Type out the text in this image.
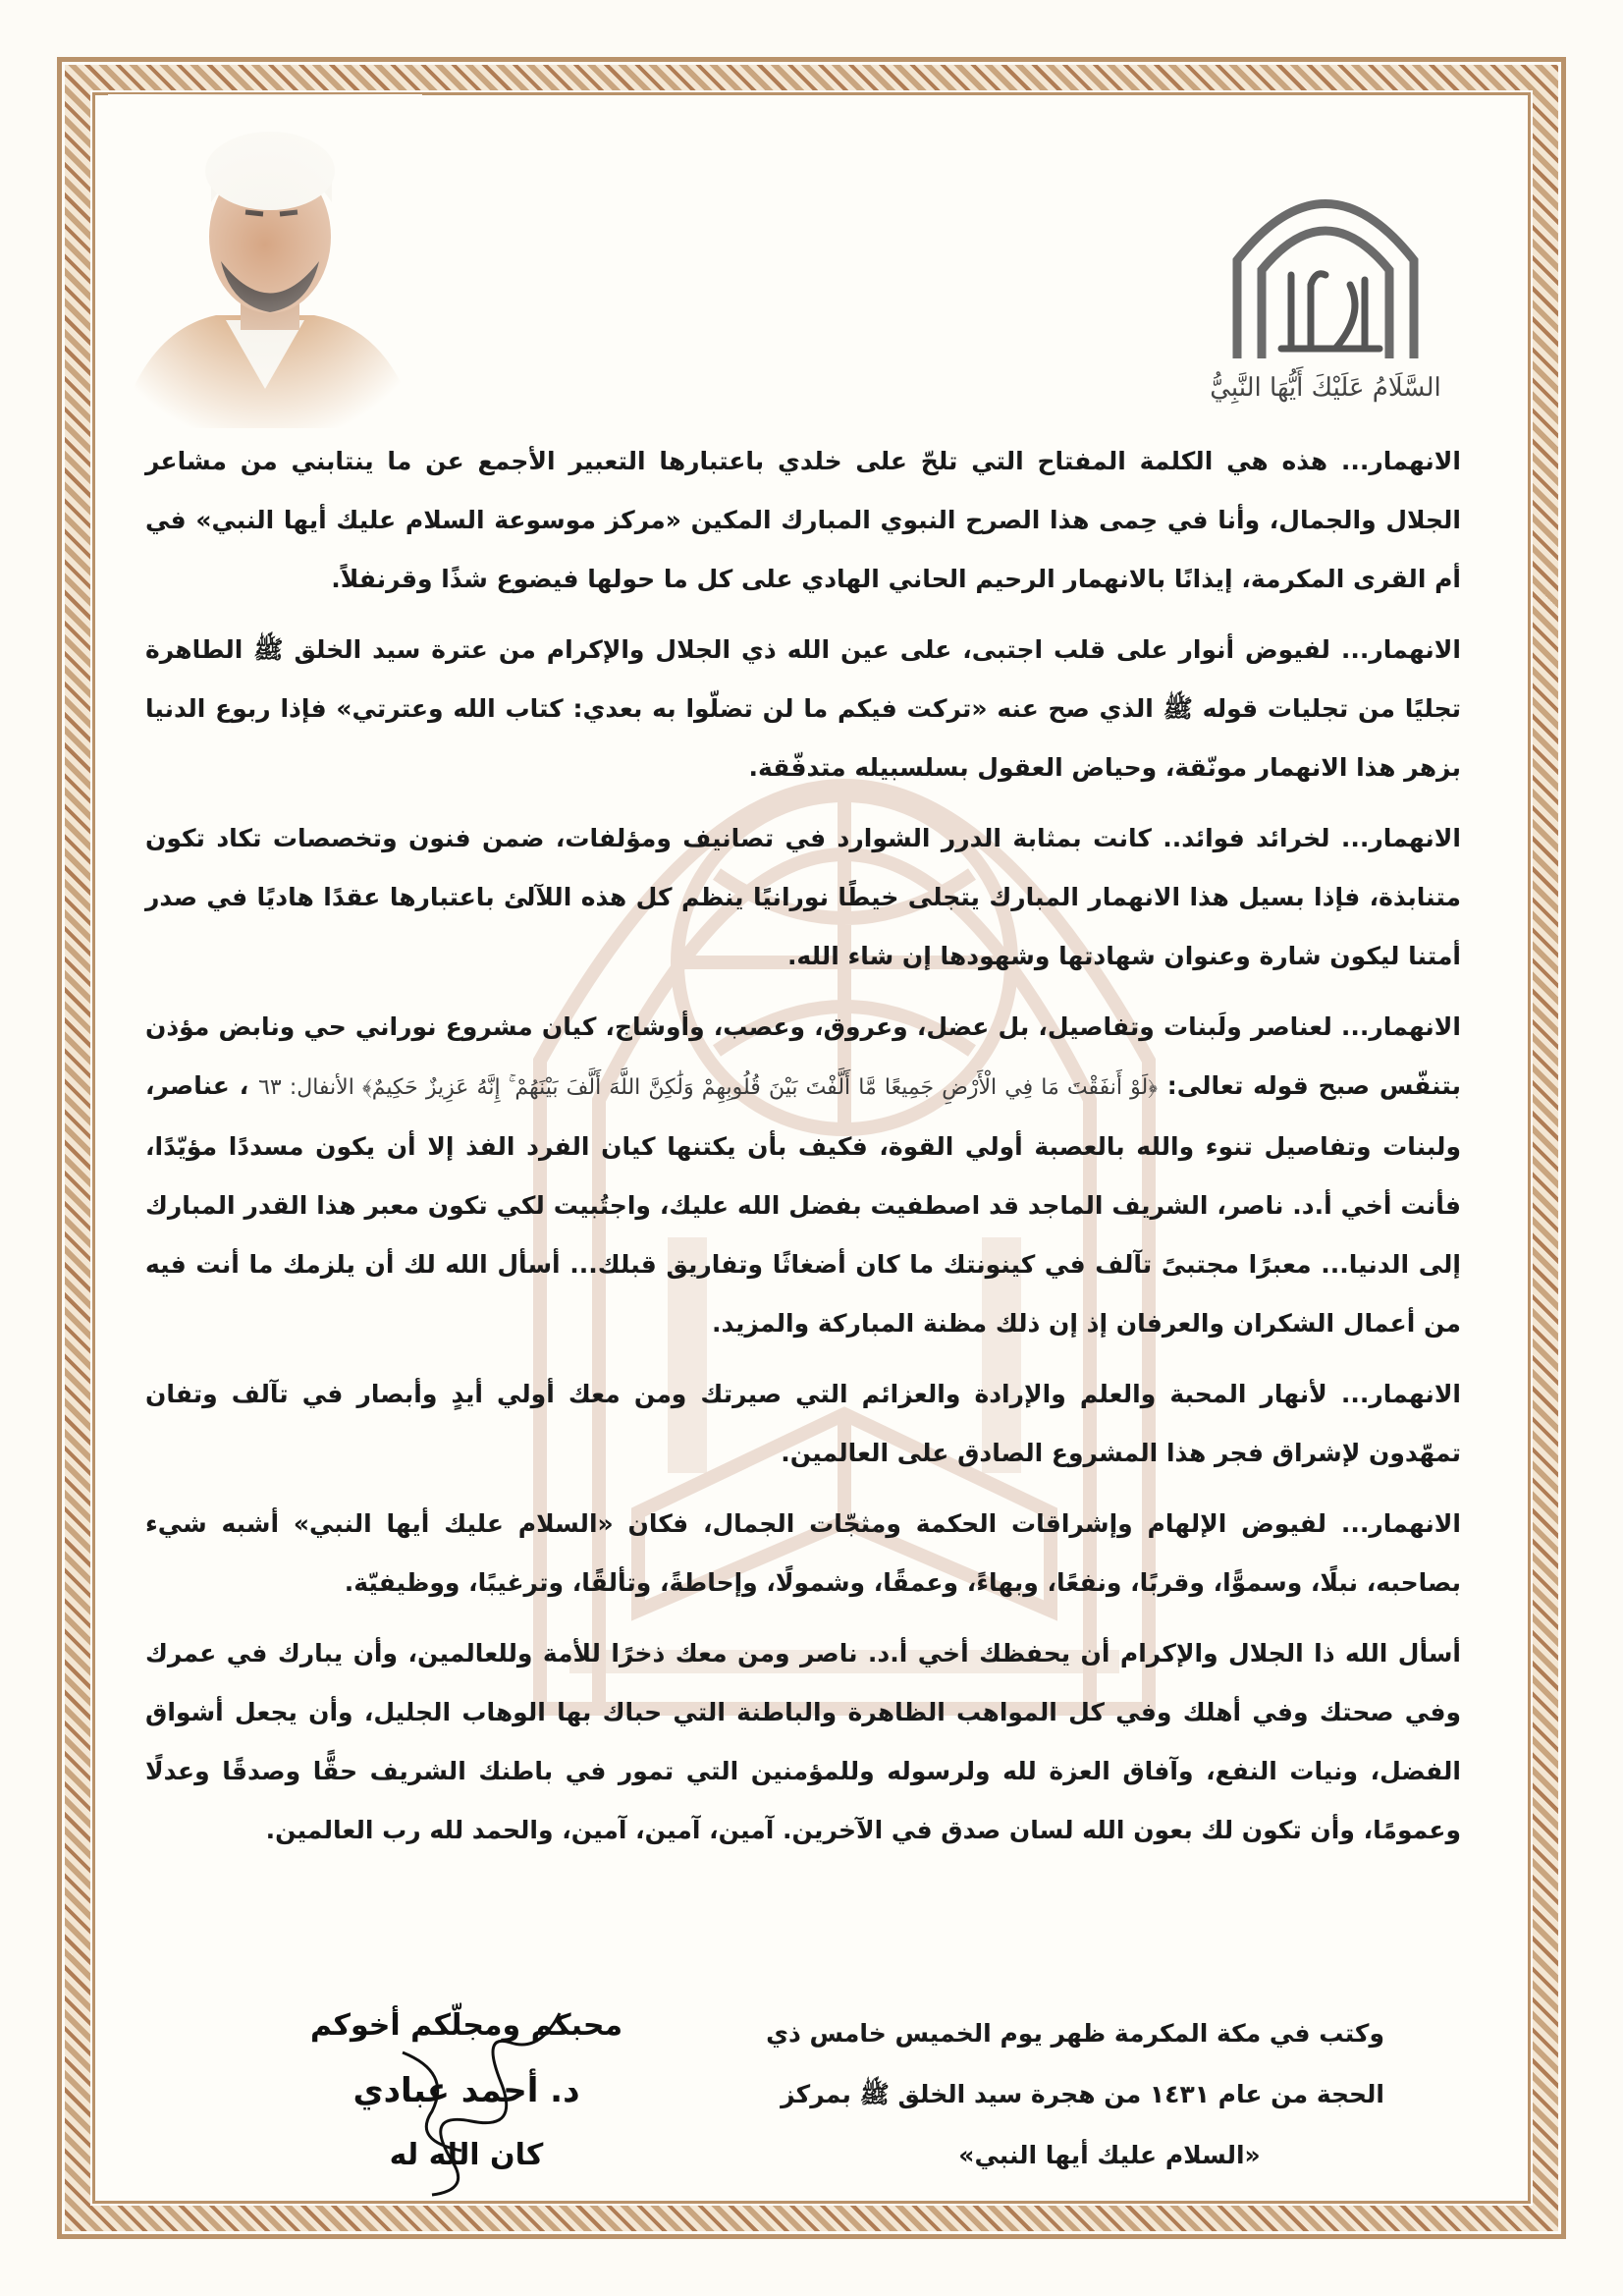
السَّلَامُ عَلَيْكَ أَيُّهَا النَّبِيُّ

الانهمار... هذه هي الكلمة المفتاح التي تلحّ على خلدي باعتبارها التعبير الأجمع عن ما ينتابني من مشاعر الجلال والجمال، وأنا في حِمى هذا الصرح النبوي المبارك المكين «مركز موسوعة السلام عليك أيها النبي» في أم القرى المكرمة، إيذانًا بالانهمار الرحيم الحاني الهادي على كل ما حولها فيضوع شذًا وقرنفلاً.

الانهمار... لفيوض أنوار على قلب اجتبى، على عين الله ذي الجلال والإكرام من عترة سيد الخلق ﷺ الطاهرة تجليًا من تجليات قوله ﷺ الذي صح عنه «تركت فيكم ما لن تضلّوا به بعدي: كتاب الله وعترتي» فإذا ربوع الدنيا بزهر هذا الانهمار مونّقة، وحياض العقول بسلسبيله متدفّقة.

الانهمار... لخرائد فوائد.. كانت بمثابة الدرر الشوارد في تصانيف ومؤلفات، ضمن فنون وتخصصات تكاد تكون متنابذة، فإذا بسيل هذا الانهمار المبارك يتجلى خيطًا نورانيًا ينظم كل هذه اللآلئ باعتبارها عقدًا هاديًا في صدر أمتنا ليكون شارة وعنوان شهادتها وشهودها إن شاء الله.

الانهمار... لعناصر ولَبنات وتفاصيل، بل عضل، وعروق، وعصب، وأوشاج، كيان مشروع نوراني حي ونابض مؤذن بتنفّس صبح قوله تعالى: ﴿لَوْ أَنفَقْتَ مَا فِي الْأَرْضِ جَمِيعًا مَّا أَلَّفْتَ بَيْنَ قُلُوبِهِمْ وَلَٰكِنَّ اللَّهَ أَلَّفَ بَيْنَهُمْ ۚ إِنَّهُ عَزِيزٌ حَكِيمٌ﴾ الأنفال: ٦٣ ، عناصر، ولبنات وتفاصيل تنوء والله بالعصبة أولي القوة، فكيف بأن يكتنها كيان الفرد الفذ إلا أن يكون مسددًا مؤيّدًا، فأنت أخي أ.د. ناصر، الشريف الماجد قد اصطفيت بفضل الله عليك، واجتُبيت لكي تكون معبر هذا القدر المبارك إلى الدنيا... معبرًا مجتبىً تآلف في كينونتك ما كان أضغاثًا وتفاريق قبلك... أسأل الله لك أن يلزمك ما أنت فيه من أعمال الشكران والعرفان إذ إن ذلك مظنة المباركة والمزيد.

الانهمار... لأنهار المحبة والعلم والإرادة والعزائم التي صيرتك ومن معك أولي أيدٍ وأبصار في تآلف وتفان تمهّدون لإشراق فجر هذا المشروع الصادق على العالمين.

الانهمار... لفيوض الإلهام وإشراقات الحكمة ومثجّات الجمال، فكان «السلام عليك أيها النبي» أشبه شيء بصاحبه، نبلًا، وسموًّا، وقربًا، ونفعًا، وبهاءً، وعمقًا، وشمولًا، وإحاطةً، وتألقًا، وترغيبًا، ووظيفيّة.

أسأل الله ذا الجلال والإكرام أن يحفظك أخي أ.د. ناصر ومن معك ذخرًا للأمة وللعالمين، وأن يبارك في عمرك وفي صحتك وفي أهلك وفي كل المواهب الظاهرة والباطنة التي حباك بها الوهاب الجليل، وأن يجعل أشواق الفضل، ونيات النفع، وآفاق العزة لله ولرسوله وللمؤمنين التي تمور في باطنك الشريف حقًّا وصدقًا وعدلًا وعمومًا، وأن تكون لك بعون الله لسان صدق في الآخرين. آمين، آمين، آمين، والحمد لله رب العالمين.

وكتب في مكة المكرمة ظهر يوم الخميس خامس ذي
الحجة من عام ١٤٣١ من هجرة سيد الخلق ﷺ بمركز
«السلام عليك أيها النبي»
محبكم ومجلّكم أخوكم
د. أحمد عبادي
كان الله له
